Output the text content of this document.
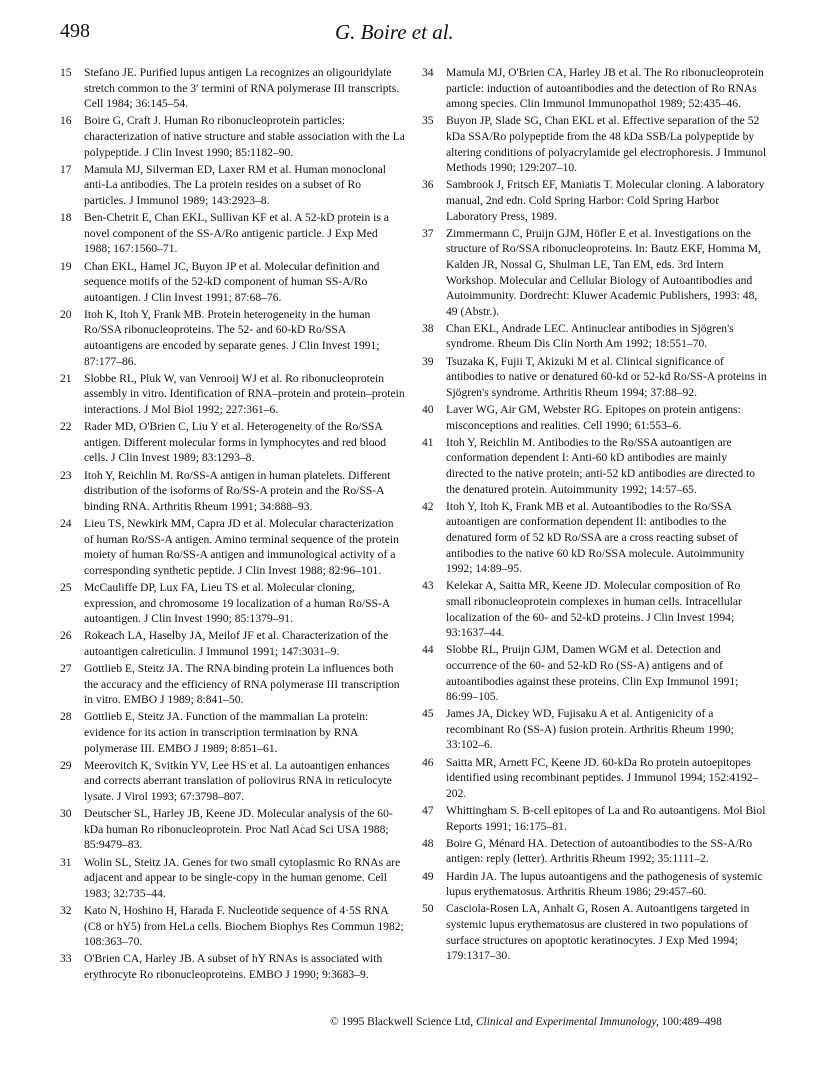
498	G. Boire et al.
15	Stefano JE. Purified lupus antigen La recognizes an oligouridylate stretch common to the 3′ termini of RNA polymerase III transcripts. Cell 1984; 36:145–54.
16	Boire G, Craft J. Human Ro ribonucleoprotein particles: characterization of native structure and stable association with the La polypeptide. J Clin Invest 1990; 85:1182–90.
17	Mamula MJ, Silverman ED, Laxer RM et al. Human monoclonal anti-La antibodies. The La protein resides on a subset of Ro particles. J Immunol 1989; 143:2923–8.
18	Ben-Chetrit E, Chan EKL, Sullivan KF et al. A 52-kD protein is a novel component of the SS-A/Ro antigenic particle. J Exp Med 1988; 167:1560–71.
19	Chan EKL, Hamel JC, Buyon JP et al. Molecular definition and sequence motifs of the 52-kD component of human SS-A/Ro autoantigen. J Clin Invest 1991; 87:68–76.
20	Itoh K, Itoh Y, Frank MB. Protein heterogeneity in the human Ro/SSA ribonucleoproteins. The 52- and 60-kD Ro/SSA autoantigens are encoded by separate genes. J Clin Invest 1991; 87:177–86.
21	Slobbe RL, Pluk W, van Venrooij WJ et al. Ro ribonucleoprotein assembly in vitro. Identification of RNA–protein and protein–protein interactions. J Mol Biol 1992; 227:361–6.
22	Rader MD, O'Brien C, Liu Y et al. Heterogeneity of the Ro/SSA antigen. Different molecular forms in lymphocytes and red blood cells. J Clin Invest 1989; 83:1293–8.
23	Itoh Y, Reichlin M. Ro/SS-A antigen in human platelets. Different distribution of the isoforms of Ro/SS-A protein and the Ro/SS-A binding RNA. Arthritis Rheum 1991; 34:888–93.
24	Lieu TS, Newkirk MM, Capra JD et al. Molecular characterization of human Ro/SS-A antigen. Amino terminal sequence of the protein moiety of human Ro/SS-A antigen and immunological activity of a corresponding synthetic peptide. J Clin Invest 1988; 82:96–101.
25	McCauliffe DP, Lux FA, Lieu TS et al. Molecular cloning, expression, and chromosome 19 localization of a human Ro/SS-A autoantigen. J Clin Invest 1990; 85:1379–91.
26	Rokeach LA, Haselby JA, Meilof JF et al. Characterization of the autoantigen calreticulin. J Immunol 1991; 147:3031–9.
27	Gottlieb E, Steitz JA. The RNA binding protein La influences both the accuracy and the efficiency of RNA polymerase III transcription in vitro. EMBO J 1989; 8:841–50.
28	Gottlieb E, Steitz JA. Function of the mammalian La protein: evidence for its action in transcription termination by RNA polymerase III. EMBO J 1989; 8:851–61.
29	Meerovitch K, Svitkin YV, Lee HS et al. La autoantigen enhances and corrects aberrant translation of poliovirus RNA in reticulocyte lysate. J Virol 1993; 67:3798–807.
30	Deutscher SL, Harley JB, Keene JD. Molecular analysis of the 60-kDa human Ro ribonucleoprotein. Proc Natl Acad Sci USA 1988; 85:9479–83.
31	Wolin SL, Steitz JA. Genes for two small cytoplasmic Ro RNAs are adjacent and appear to be single-copy in the human genome. Cell 1983; 32:735–44.
32	Kato N, Hoshino H, Harada F. Nucleotide sequence of 4·5S RNA (C8 or hY5) from HeLa cells. Biochem Biophys Res Commun 1982; 108:363–70.
33	O'Brien CA, Harley JB. A subset of hY RNAs is associated with erythrocyte Ro ribonucleoproteins. EMBO J 1990; 9:3683–9.
34	Mamula MJ, O'Brien CA, Harley JB et al. The Ro ribonucleoprotein particle: induction of autoantibodies and the detection of Ro RNAs among species. Clin Immunol Immunopathol 1989; 52:435–46.
35	Buyon JP, Slade SG, Chan EKL et al. Effective separation of the 52 kDa SSA/Ro polypeptide from the 48 kDa SSB/La polypeptide by altering conditions of polyacrylamide gel electrophoresis. J Immunol Methods 1990; 129:207–10.
36	Sambrook J, Fritsch EF, Maniatis T. Molecular cloning. A laboratory manual, 2nd edn. Cold Spring Harbor: Cold Spring Harbor Laboratory Press, 1989.
37	Zimmermann C, Pruijn GJM, Höfler E et al. Investigations on the structure of Ro/SSA ribonucleoproteins. In: Bautz EKF, Homma M, Kalden JR, Nossal G, Shulman LE, Tan EM, eds. 3rd Intern Workshop. Molecular and Cellular Biology of Autoantibodies and Autoimmunity. Dordrecht: Kluwer Academic Publishers, 1993: 48, 49 (Abstr.).
38	Chan EKL, Andrade LEC. Antinuclear antibodies in Sjögren's syndrome. Rheum Dis Clin North Am 1992; 18:551–70.
39	Tsuzaka K, Fujii T, Akizuki M et al. Clinical significance of antibodies to native or denatured 60-kd or 52-kd Ro/SS-A proteins in Sjögren's syndrome. Arthritis Rheum 1994; 37:88–92.
40	Laver WG, Air GM, Webster RG. Epitopes on protein antigens: misconceptions and realities. Cell 1990; 61:553–6.
41	Itoh Y, Reichlin M. Antibodies to the Ro/SSA autoantigen are conformation dependent I: Anti-60 kD antibodies are mainly directed to the native protein; anti-52 kD antibodies are directed to the denatured protein. Autoimmunity 1992; 14:57–65.
42	Itoh Y, Itoh K, Frank MB et al. Autoantibodies to the Ro/SSA autoantigen are conformation dependent II: antibodies to the denatured form of 52 kD Ro/SSA are a cross reacting subset of antibodies to the native 60 kD Ro/SSA molecule. Autoimmunity 1992; 14:89–95.
43	Kelekar A, Saitta MR, Keene JD. Molecular composition of Ro small ribonucleoprotein complexes in human cells. Intracellular localization of the 60- and 52-kD proteins. J Clin Invest 1994; 93:1637–44.
44	Slobbe RL, Pruijn GJM, Damen WGM et al. Detection and occurrence of the 60- and 52-kD Ro (SS-A) antigens and of autoantibodies against these proteins. Clin Exp Immunol 1991; 86:99–105.
45	James JA, Dickey WD, Fujisaku A et al. Antigenicity of a recombinant Ro (SS-A) fusion protein. Arthritis Rheum 1990; 33:102–6.
46	Saitta MR, Arnett FC, Keene JD. 60-kDa Ro protein autoepitopes identified using recombinant peptides. J Immunol 1994; 152:4192–202.
47	Whittingham S. B-cell epitopes of La and Ro autoantigens. Mol Biol Reports 1991; 16:175–81.
48	Boire G, Ménard HA. Detection of autoantibodies to the SS-A/Ro antigen: reply (letter). Arthritis Rheum 1992; 35:1111–2.
49	Hardin JA. The lupus autoantigens and the pathogenesis of systemic lupus erythematosus. Arthritis Rheum 1986; 29:457–60.
50	Casciola-Rosen LA, Anhalt G, Rosen A. Autoantigens targeted in systemic lupus erythematosus are clustered in two populations of surface structures on apoptotic keratinocytes. J Exp Med 1994; 179:1317–30.
© 1995 Blackwell Science Ltd, Clinical and Experimental Immunology, 100:489–498
